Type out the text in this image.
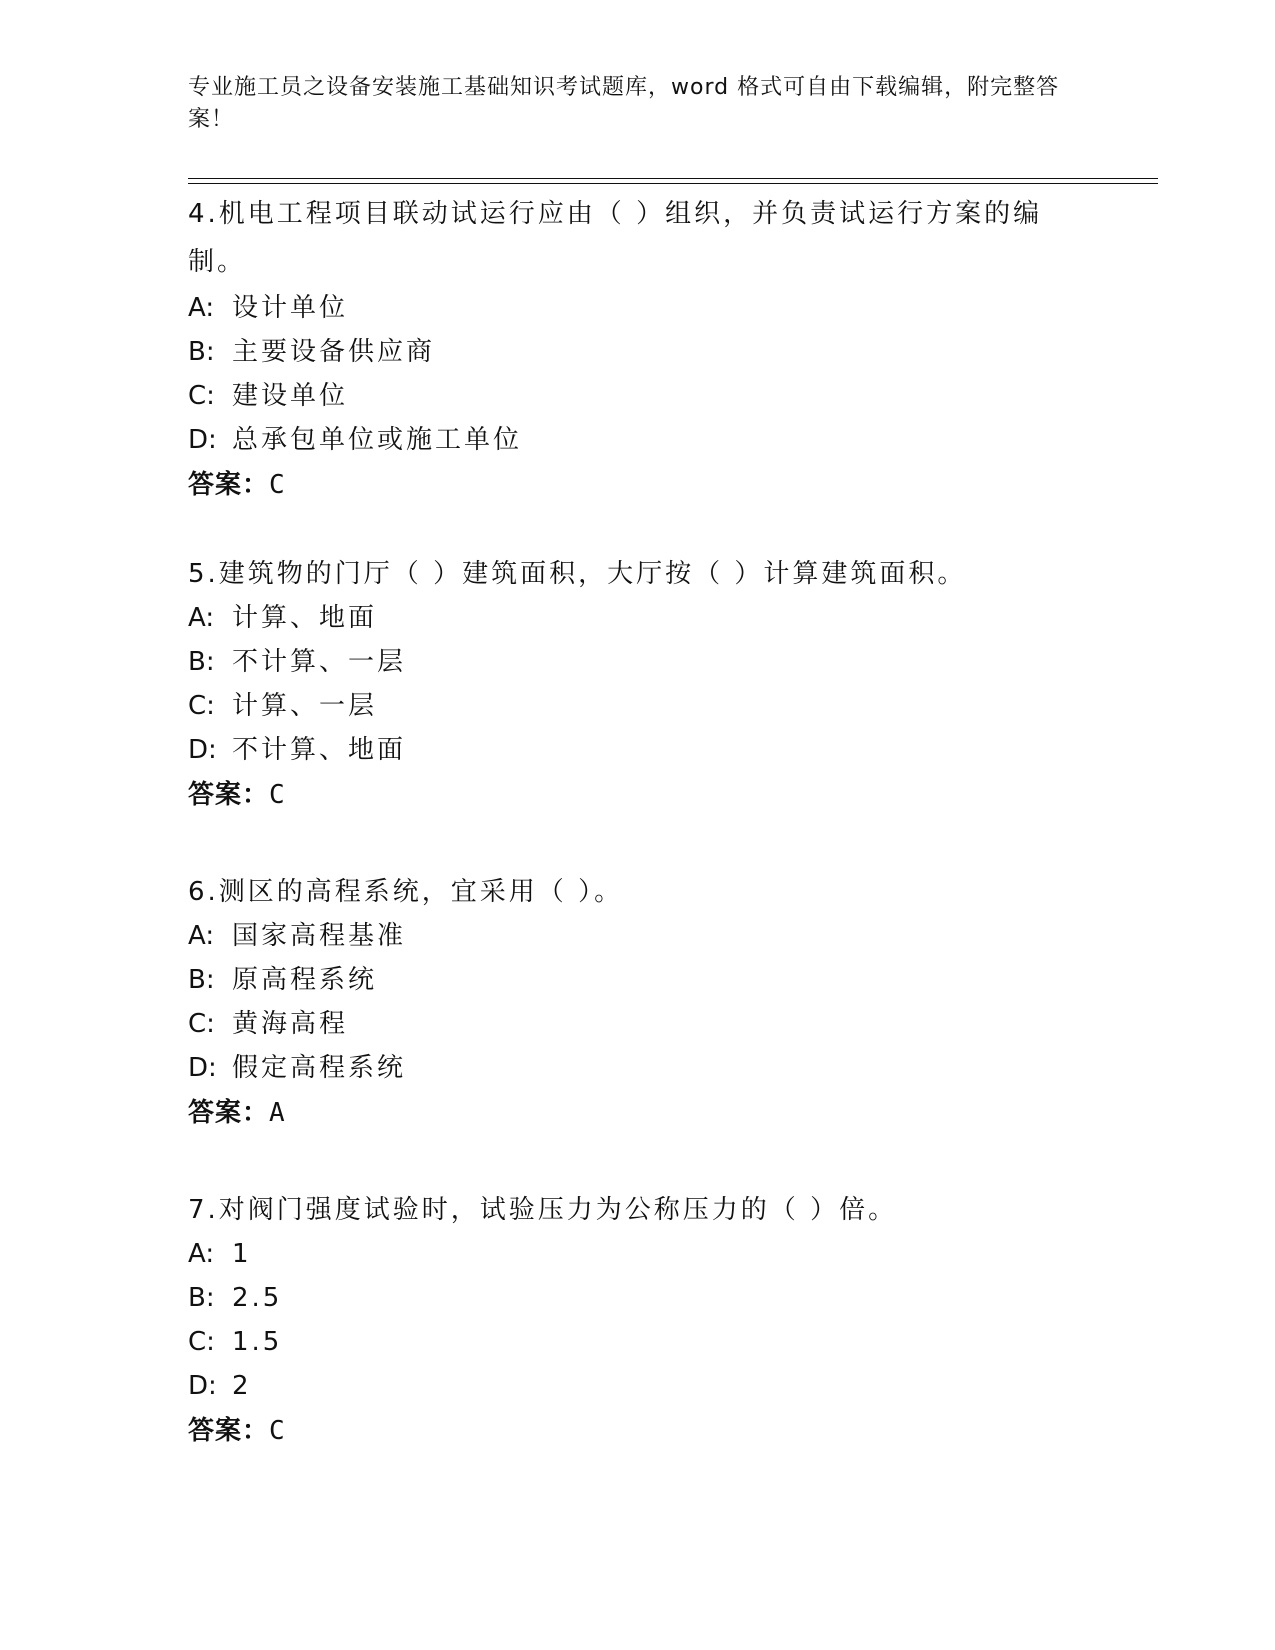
专业施工员之设备安装施工基础知识考试题库，word 格式可自由下载编辑，附完整答案！
4.机电工程项目联动试运行应由（ ）组织，并负责试运行方案的编制。
A: 设计单位
B: 主要设备供应商
C: 建设单位
D: 总承包单位或施工单位
答案：C
5.建筑物的门厅（ ）建筑面积，大厅按（ ）计算建筑面积。
A: 计算、地面
B: 不计算、一层
C: 计算、一层
D: 不计算、地面
答案：C
6.测区的高程系统，宜采用（ ）。
A: 国家高程基准
B: 原高程系统
C: 黄海高程
D: 假定高程系统
答案：A
7.对阀门强度试验时，试验压力为公称压力的（ ）倍。
A: 1
B: 2.5
C: 1.5
D: 2
答案：C
